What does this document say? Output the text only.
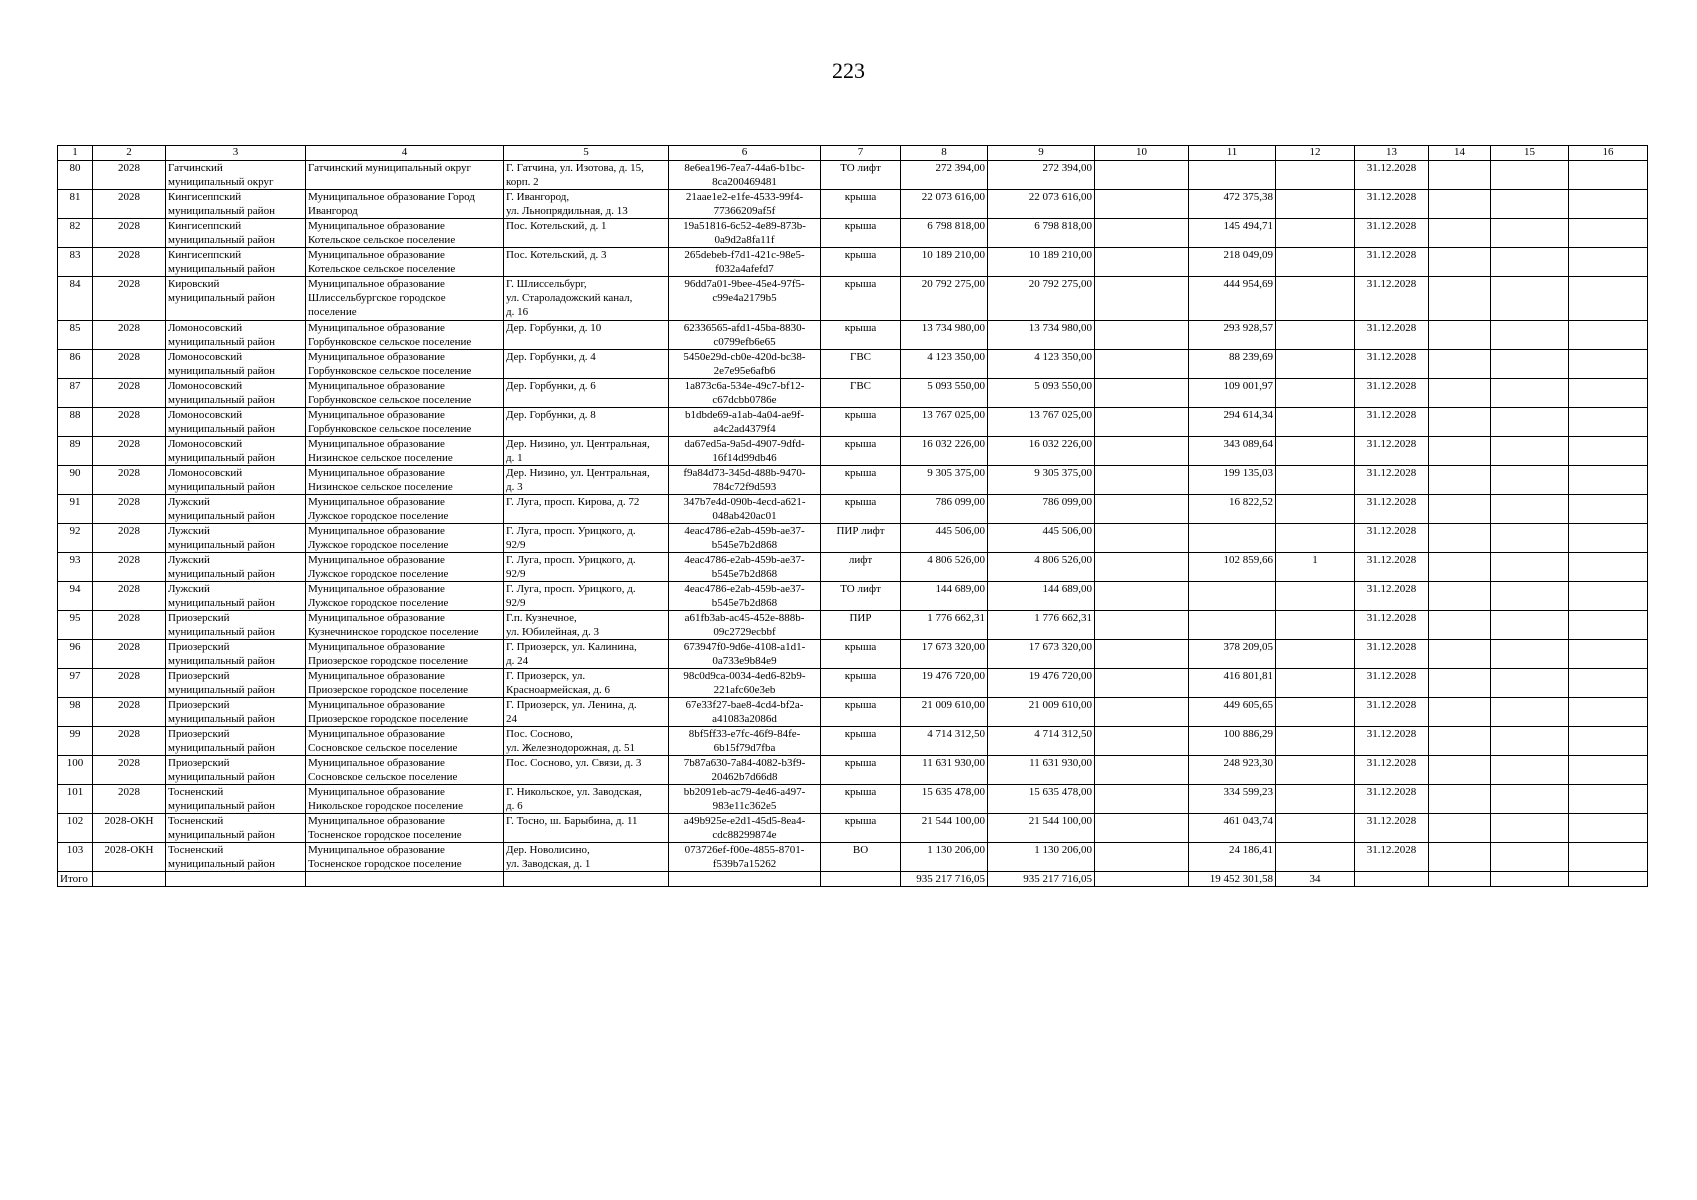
223
1	2	3	4	5	6	7	8	9	10	11	12	13	14	15	16
80	2028	Гатчинский
муниципальный округ	Гатчинский муниципальный округ	Г. Гатчина, ул. Изотова, д. 15,
корп. 2	8e6ea196-7ea7-44a6-b1bc-
8ca200469481	ТО лифт	272 394,00	272 394,00				31.12.2028			
81	2028	Кингисеппский
муниципальный район	Муниципальное образование Город
Ивангород	Г. Ивангород,
ул. Льнопрядильная, д. 13	21aae1e2-e1fe-4533-99f4-
77366209af5f	крыша	22 073 616,00	22 073 616,00		472 375,38		31.12.2028			
82	2028	Кингисеппский
муниципальный район	Муниципальное образование
Котельское сельское поселение	Пос. Котельский, д. 1	19a51816-6c52-4e89-873b-
0a9d2a8fa11f	крыша	6 798 818,00	6 798 818,00		145 494,71		31.12.2028			
83	2028	Кингисеппский
муниципальный район	Муниципальное образование
Котельское сельское поселение	Пос. Котельский, д. 3	265debeb-f7d1-421c-98e5-
f032a4afefd7	крыша	10 189 210,00	10 189 210,00		218 049,09		31.12.2028			
84	2028	Кировский
муниципальный район	Муниципальное образование
Шлиссельбургское городское
поселение	Г. Шлиссельбург,
ул. Староладожский канал,
д. 16	96dd7a01-9bee-45e4-97f5-
c99e4a2179b5	крыша	20 792 275,00	20 792 275,00		444 954,69		31.12.2028			
85	2028	Ломоносовский
муниципальный район	Муниципальное образование
Горбунковское сельское поселение	Дер. Горбунки, д. 10	62336565-afd1-45ba-8830-
c0799efb6e65	крыша	13 734 980,00	13 734 980,00		293 928,57		31.12.2028			
86	2028	Ломоносовский
муниципальный район	Муниципальное образование
Горбунковское сельское поселение	Дер. Горбунки, д. 4	5450e29d-cb0e-420d-bc38-
2e7e95e6afb6	ГВС	4 123 350,00	4 123 350,00		88 239,69		31.12.2028			
87	2028	Ломоносовский
муниципальный район	Муниципальное образование
Горбунковское сельское поселение	Дер. Горбунки, д. 6	1a873c6a-534e-49c7-bf12-
c67dcbb0786e	ГВС	5 093 550,00	5 093 550,00		109 001,97		31.12.2028			
88	2028	Ломоносовский
муниципальный район	Муниципальное образование
Горбунковское сельское поселение	Дер. Горбунки, д. 8	b1dbde69-a1ab-4a04-ae9f-
a4c2ad4379f4	крыша	13 767 025,00	13 767 025,00		294 614,34		31.12.2028			
89	2028	Ломоносовский
муниципальный район	Муниципальное образование
Низинское сельское поселение	Дер. Низино, ул. Центральная,
д. 1	da67ed5a-9a5d-4907-9dfd-
16f14d99db46	крыша	16 032 226,00	16 032 226,00		343 089,64		31.12.2028			
90	2028	Ломоносовский
муниципальный район	Муниципальное образование
Низинское сельское поселение	Дер. Низино, ул. Центральная,
д. 3	f9a84d73-345d-488b-9470-
784c72f9d593	крыша	9 305 375,00	9 305 375,00		199 135,03		31.12.2028			
91	2028	Лужский
муниципальный район	Муниципальное образование
Лужское городское поселение	Г. Луга, просп. Кирова, д. 72	347b7e4d-090b-4ecd-a621-
048ab420ac01	крыша	786 099,00	786 099,00		16 822,52		31.12.2028			
92	2028	Лужский
муниципальный район	Муниципальное образование
Лужское городское поселение	Г. Луга, просп. Урицкого, д.
92/9	4eac4786-e2ab-459b-ae37-
b545e7b2d868	ПИР лифт	445 506,00	445 506,00				31.12.2028			
93	2028	Лужский
муниципальный район	Муниципальное образование
Лужское городское поселение	Г. Луга, просп. Урицкого, д.
92/9	4eac4786-e2ab-459b-ae37-
b545e7b2d868	лифт	4 806 526,00	4 806 526,00		102 859,66	1	31.12.2028			
94	2028	Лужский
муниципальный район	Муниципальное образование
Лужское городское поселение	Г. Луга, просп. Урицкого, д.
92/9	4eac4786-e2ab-459b-ae37-
b545e7b2d868	ТО лифт	144 689,00	144 689,00				31.12.2028			
95	2028	Приозерский
муниципальный район	Муниципальное образование
Кузнечнинское городское поселение	Г.п. Кузнечное,
ул. Юбилейная, д. 3	a61fb3ab-ac45-452e-888b-
09c2729ecbbf	ПИР	1 776 662,31	1 776 662,31				31.12.2028			
96	2028	Приозерский
муниципальный район	Муниципальное образование
Приозерское городское поселение	Г. Приозерск, ул. Калинина,
д. 24	673947f0-9d6e-4108-a1d1-
0a733e9b84e9	крыша	17 673 320,00	17 673 320,00		378 209,05		31.12.2028			
97	2028	Приозерский
муниципальный район	Муниципальное образование
Приозерское городское поселение	Г. Приозерск, ул.
Красноармейская, д. 6	98c0d9ca-0034-4ed6-82b9-
221afc60e3eb	крыша	19 476 720,00	19 476 720,00		416 801,81		31.12.2028			
98	2028	Приозерский
муниципальный район	Муниципальное образование
Приозерское городское поселение	Г. Приозерск, ул. Ленина, д.
24	67e33f27-bae8-4cd4-bf2a-
a41083a2086d	крыша	21 009 610,00	21 009 610,00		449 605,65		31.12.2028			
99	2028	Приозерский
муниципальный район	Муниципальное образование
Сосновское сельское поселение	Пос. Сосново,
ул. Железнодорожная, д. 51	8bf5ff33-e7fc-46f9-84fe-
6b15f79d7fba	крыша	4 714 312,50	4 714 312,50		100 886,29		31.12.2028			
100	2028	Приозерский
муниципальный район	Муниципальное образование
Сосновское сельское поселение	Пос. Сосново, ул. Связи, д. 3	7b87a630-7a84-4082-b3f9-
20462b7d66d8	крыша	11 631 930,00	11 631 930,00		248 923,30		31.12.2028			
101	2028	Тосненский
муниципальный район	Муниципальное образование
Никольское городское поселение	Г. Никольское, ул. Заводская,
д. 6	bb2091eb-ac79-4e46-a497-
983e11c362e5	крыша	15 635 478,00	15 635 478,00		334 599,23		31.12.2028			
102	2028-ОКН	Тосненский
муниципальный район	Муниципальное образование
Тосненское городское поселение	Г. Тосно, ш. Барыбина, д. 11	a49b925e-e2d1-45d5-8ea4-
cdc88299874e	крыша	21 544 100,00	21 544 100,00		461 043,74		31.12.2028			
103	2028-ОКН	Тосненский
муниципальный район	Муниципальное образование
Тосненское городское поселение	Дер. Новолисино,
ул. Заводская, д. 1	073726ef-f00e-4855-8701-
f539b7a15262	ВО	1 130 206,00	1 130 206,00		24 186,41		31.12.2028			
Итого							935 217 716,05	935 217 716,05		19 452 301,58	34				
